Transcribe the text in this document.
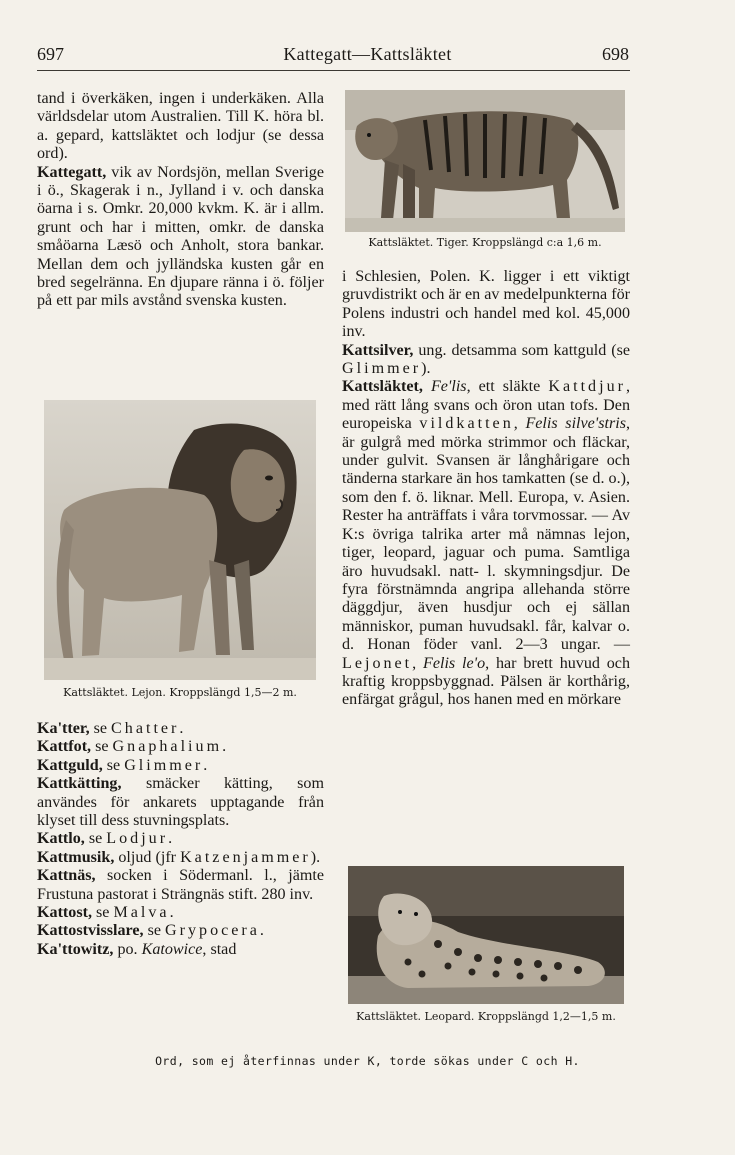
697	Kattegatt—Kattsläktet	698

tand i överkäken, ingen i underkäken. Alla världsdelar utom Australien. Till K. höra bl. a. gepard, kattsläktet och lodjur (se dessa ord).

Kattegatt, vik av Nordsjön, mellan Sverige i ö., Skagerak i n., Jylland i v. och danska öarna i s. Omkr. 20,000 kvkm. K. är i allm. grunt och har i mitten, omkr. de danska småöarna Læsö och Anholt, stora bankar. Mellan dem och jylländska kusten går en bred segelränna. En djupare ränna i ö. följer på ett par mils avstånd svenska kusten.

Kattsläktet. Lejon. Kroppslängd 1,5—2 m.

Ka'tter, se Chatter.

Kattfot, se Gnaphalium.

Kattguld, se Glimmer.

Kattkätting, smäcker kätting, som användes för ankarets upptagande från klyset till dess stuvningsplats.

Kattlo, se Lodjur.

Kattmusik, oljud (jfr Katzenjammer).

Kattnäs, socken i Södermanl. l., jämte Frustuna pastorat i Strängnäs stift. 280 inv.

Kattost, se Malva.

Kattostvisslare, se Grypocera.

Ka'ttowitz, po. Katowice, stad

Kattsläktet. Tiger. Kroppslängd c:a 1,6 m.

i Schlesien, Polen. K. ligger i ett viktigt gruvdistrikt och är en av medelpunkterna för Polens industri och handel med kol. 45,000 inv.

Kattsilver, ung. detsamma som kattguld (se Glimmer).

Kattsläktet, Fe'lis, ett släkte Kattdjur, med rätt lång svans och öron utan tofs. Den europeiska vildkatten, Felis silve'stris, är gulgrå med mörka strimmor och fläckar, under gulvit. Svansen är långhårigare och tänderna starkare än hos tamkatten (se d. o.), som den f. ö. liknar. Mell. Europa, v. Asien. Rester ha anträffats i våra torvmossar. — Av K:s övriga talrika arter må nämnas lejon, tiger, leopard, jaguar och puma. Samtliga äro huvudsakl. natt- l. skymningsdjur. De fyra förstnämnda angripa allehanda större däggdjur, även husdjur och ej sällan människor, puman huvudsakl. får, kalvar o. d. Honan föder vanl. 2—3 ungar. — Lejonet, Felis le'o, har brett huvud och kraftig kroppsbyggnad. Pälsen är korthårig, enfärgat grågul, hos hanen med en mörkare

Kattsläktet. Leopard. Kroppslängd 1,2—1,5 m.
Ord, som ej återfinnas under K, torde sökas under C och H.
